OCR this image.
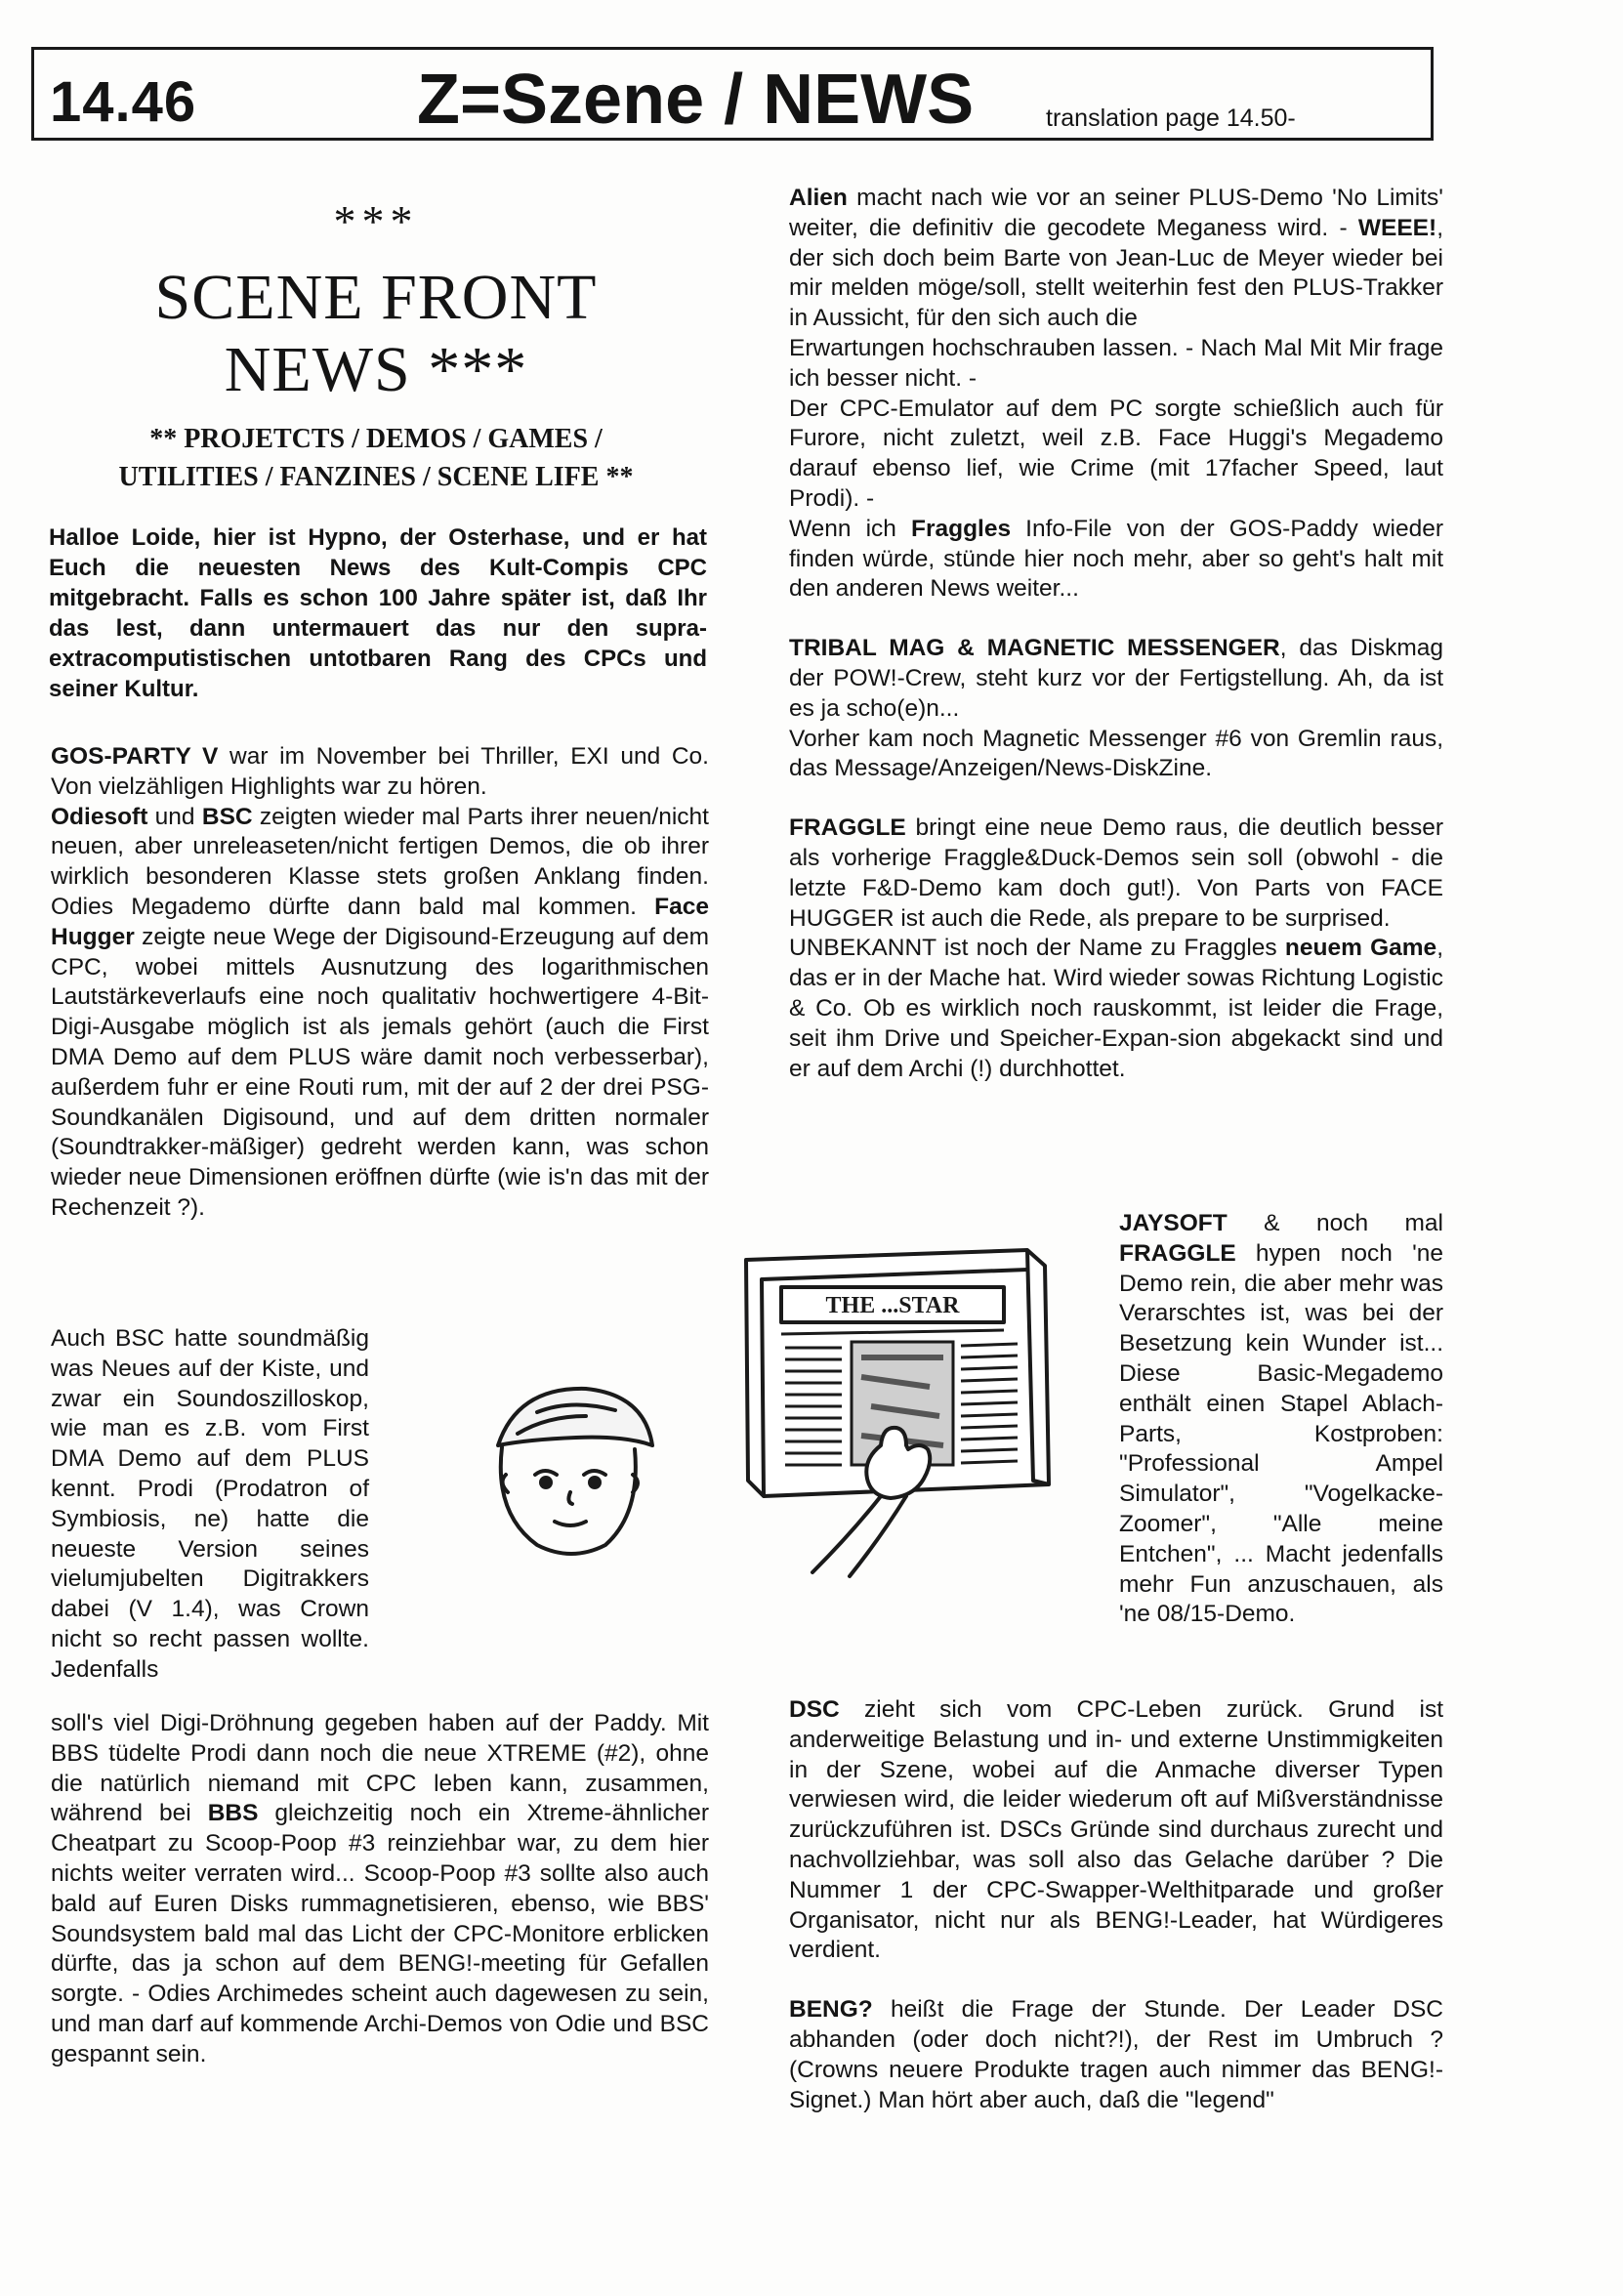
14.46	Z=Szene / NEWS	translation page 14.50-
***
SCENE FRONT
NEWS ***
** PROJETCTS / DEMOS / GAMES /
UTILITIES / FANZINES / SCENE LIFE **
Halloe Loide, hier ist Hypno, der Osterhase, und er hat Euch die neuesten News des Kult-Compis CPC mitgebracht. Falls es schon 100 Jahre später ist, daß Ihr das lest, dann untermauert das nur den supra-extracomputistischen untotbaren Rang des CPCs und seiner Kultur.

GOS-PARTY V war im November bei Thriller, EXI und Co. Von vielzähligen Highlights war zu hören.
Odiesoft und BSC zeigten wieder mal Parts ihrer neuen/nicht neuen, aber unreleaseten/nicht fertigen Demos, die ob ihrer wirklich besonderen Klasse stets großen Anklang finden. Odies Megademo dürfte dann bald mal kommen. Face Hugger zeigte neue Wege der Digisound-Erzeugung auf dem CPC, wobei mittels Ausnutzung des logarithmischen Lautstärkeverlaufs eine noch qualitativ hochwertigere 4-Bit-Digi-Ausgabe möglich ist als jemals gehört (auch die First DMA Demo auf dem PLUS wäre damit noch verbesserbar), außerdem fuhr er eine Routi rum, mit der auf 2 der drei PSG-Soundkanälen Digisound, und auf dem dritten normaler (Soundtrakker-mäßiger) gedreht werden kann, was schon wieder neue Dimensionen eröffnen dürfte (wie is'n das mit der Rechenzeit ?).

Auch BSC hatte soundmäßig was Neues auf der Kiste, und zwar ein Soundoszilloskop, wie man es z.B. vom First DMA Demo auf dem PLUS kennt. Prodi (Prodatron of Symbiosis, ne) hatte die neueste Version seines vielumjubelten Digitrakkers dabei (V 1.4), was Crown nicht so recht passen wollte. Jedenfalls

soll's viel Digi-Dröhnung gegeben haben auf der Paddy. Mit BBS tüdelte Prodi dann noch die neue XTREME (#2), ohne die natürlich niemand mit CPC leben kann, zusammen, während bei BBS gleichzeitig noch ein Xtreme-ähnlicher Cheatpart zu Scoop-Poop #3 reinziehbar war, zu dem hier nichts weiter verraten wird... Scoop-Poop #3 sollte also auch bald auf Euren Disks rummagnetisieren, ebenso, wie BBS' Soundsystem bald mal das Licht der CPC-Monitore erblicken dürfte, das ja schon auf dem BENG!-meeting für Gefallen sorgte. - Odies Archimedes scheint auch dagewesen zu sein, und man darf auf kommende Archi-Demos von Odie und BSC gespannt sein.

THE ...STAR

Alien macht nach wie vor an seiner PLUS-Demo 'No Limits' weiter, die definitiv die gecodete Meganess wird. - WEEE!, der sich doch beim Barte von Jean-Luc de Meyer wieder bei mir melden möge/soll, stellt weiterhin fest den PLUS-Trakker in Aussicht, für den sich auch die
Erwartungen hochschrauben lassen. - Nach Mal Mit Mir frage ich besser nicht. -
Der CPC-Emulator auf dem PC sorgte schießlich auch für Furore, nicht zuletzt, weil z.B. Face Huggi's Megademo darauf ebenso lief, wie Crime (mit 17facher Speed, laut Prodi). -
Wenn ich Fraggles Info-File von der GOS-Paddy wieder finden würde, stünde hier noch mehr, aber so geht's halt mit den anderen News weiter...

TRIBAL MAG & MAGNETIC MESSENGER, das Diskmag der POW!-Crew, steht kurz vor der Fertigstellung. Ah, da ist es ja scho(e)n...
Vorher kam noch Magnetic Messenger #6 von Gremlin raus, das Message/Anzeigen/News-DiskZine.

FRAGGLE bringt eine neue Demo raus, die deutlich besser als vorherige Fraggle&Duck-Demos sein soll (obwohl - die letzte F&D-Demo kam doch gut!). Von Parts von FACE HUGGER ist auch die Rede, als prepare to be surprised.
UNBEKANNT ist noch der Name zu Fraggles neuem Game, das er in der Mache hat. Wird wieder sowas Richtung Logistic & Co. Ob es wirklich noch rauskommt, ist leider die Frage, seit ihm Drive und Speicher-Expan-sion abgekackt sind und er auf dem Archi (!) durchhottet.

JAYSOFT & noch mal FRAGGLE hypen noch 'ne Demo rein, die aber mehr was Verarschtes ist, was bei der Besetzung kein Wunder ist... Diese Basic-Megademo enthält einen Stapel Ablach-Parts, Kostproben: "Professional Ampel Simulator", "Vogelkacke-Zoomer", "Alle meine Entchen", ... Macht jedenfalls mehr Fun anzuschauen, als 'ne 08/15-Demo.

DSC zieht sich vom CPC-Leben zurück. Grund ist anderweitige Belastung und in- und externe Unstimmigkeiten in der Szene, wobei auf die Anmache diverser Typen verwiesen wird, die leider wiederum oft auf Mißverständnisse zurückzuführen ist. DSCs Gründe sind durchaus zurecht und nachvollziehbar, was soll also das Gelache darüber ? Die Nummer 1 der CPC-Swapper-Welthitparade und großer Organisator, nicht nur als BENG!-Leader, hat Würdigeres verdient.

BENG? heißt die Frage der Stunde. Der Leader DSC abhanden (oder doch nicht?!), der Rest im Umbruch ? (Crowns neuere Produkte tragen auch nimmer das BENG!-Signet.) Man hört aber auch, daß die "legend"
